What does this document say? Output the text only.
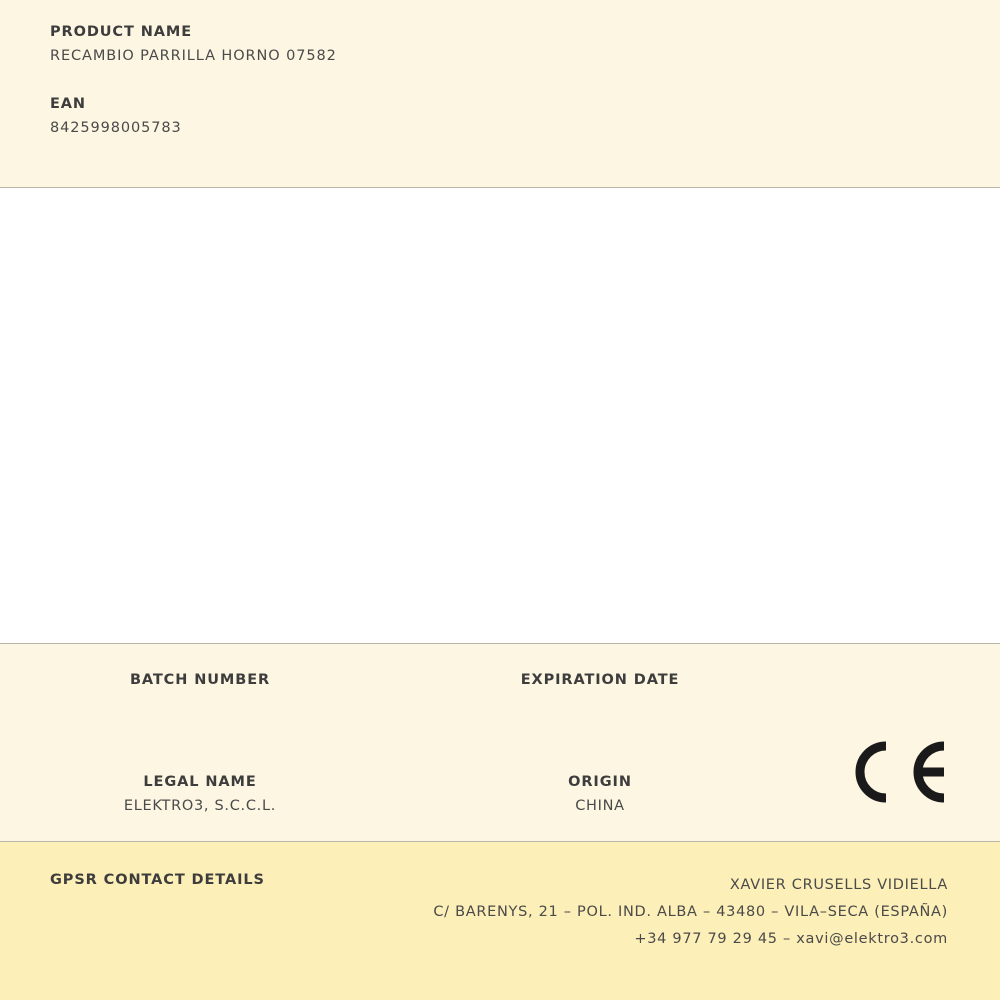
PRODUCT NAME

RECAMBIO PARRILLA HORNO 07582

EAN

8425998005783

BATCH NUMBER	EXPIRATION DATE
LEGAL NAME
ELEKTRO3, S.C.C.L.
ORIGIN
CHINA
GPSR CONTACT DETAILS	XAVIER CRUSELLS VIDIELLA
C/ BARENYS, 21 – POL. IND. ALBA – 43480 – VILA–SECA (ESPAÑA)
+34 977 79 29 45 – xavi@elektro3.com
